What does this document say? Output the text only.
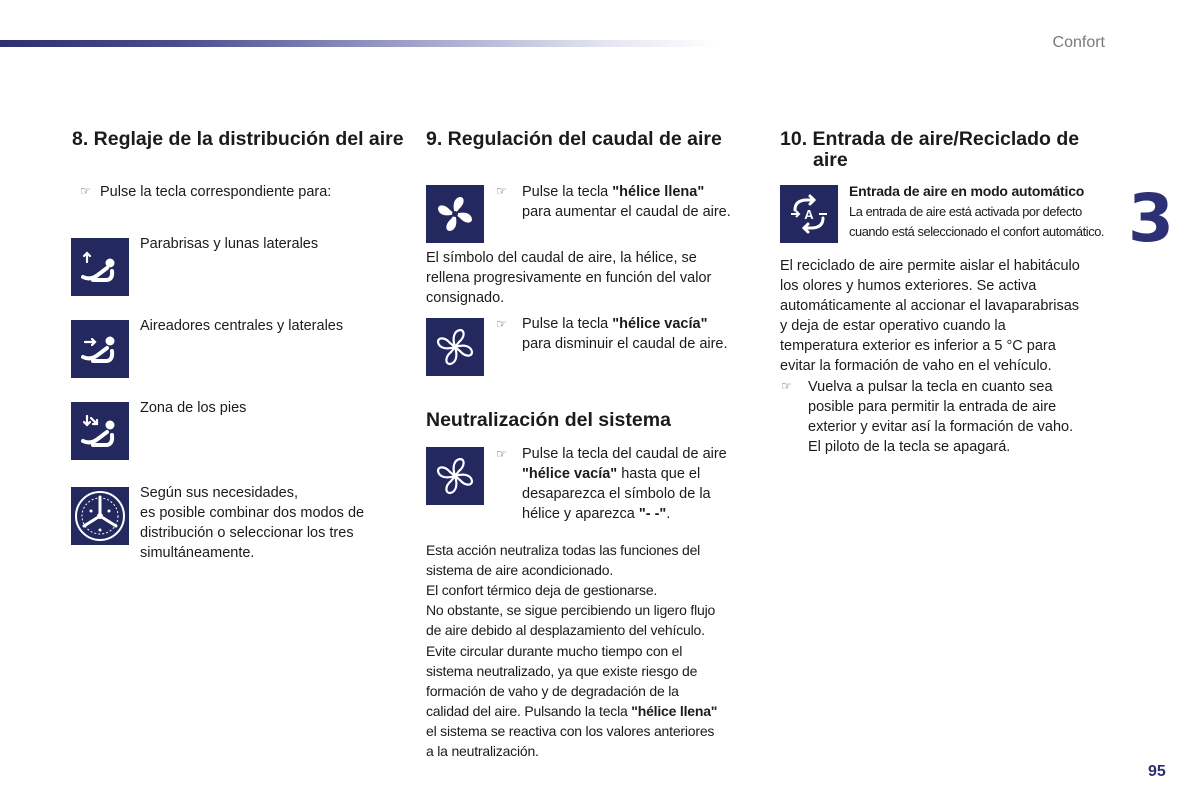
Confort
3
95
8. Reglaje de la distribución del aire
☞ Pulse la tecla correspondiente para:

Parabrisas y lunas laterales

Aireadores centrales y laterales

Zona de los pies

Según sus necesidades,

es posible combinar dos modos de

distribución o seleccionar los tres

simultáneamente.

9. Regulación del caudal de aire
☞ Pulse la tecla "hélice llena"

para aumentar el caudal de aire.

El símbolo del caudal de aire, la hélice, se

rellena progresivamente en función del valor

consignado.

☞ Pulse la tecla "hélice vacía"

para disminuir el caudal de aire.

Neutralización del sistema
☞ Pulse la tecla del caudal de aire

"hélice vacía" hasta que el

desaparezca el símbolo de la

hélice y aparezca "- -".

Esta acción neutraliza todas las funciones del

sistema de aire acondicionado.

El confort térmico deja de gestionarse.

No obstante, se sigue percibiendo un ligero flujo

de aire debido al desplazamiento del vehículo.

Evite circular durante mucho tiempo con el

sistema neutralizado, ya que existe riesgo de

formación de vaho y de degradación de la

calidad del aire. Pulsando la tecla "hélice llena"

el sistema se reactiva con los valores anteriores

a la neutralización.

10. Entrada de aire/Reciclado de
aire
A

Entrada de aire en modo automático

La entrada de aire está activada por defecto

cuando está seleccionado el confort automático.

El reciclado de aire permite aislar el habitáculo

los olores y humos exteriores. Se activa

automáticamente al accionar el lavaparabrisas

y deja de estar operativo cuando la

temperatura exterior es inferior a 5 °C para

evitar la formación de vaho en el vehículo.

☞ Vuelva a pulsar la tecla en cuanto sea

posible para permitir la entrada de aire

exterior y evitar así la formación de vaho.

El piloto de la tecla se apagará.
